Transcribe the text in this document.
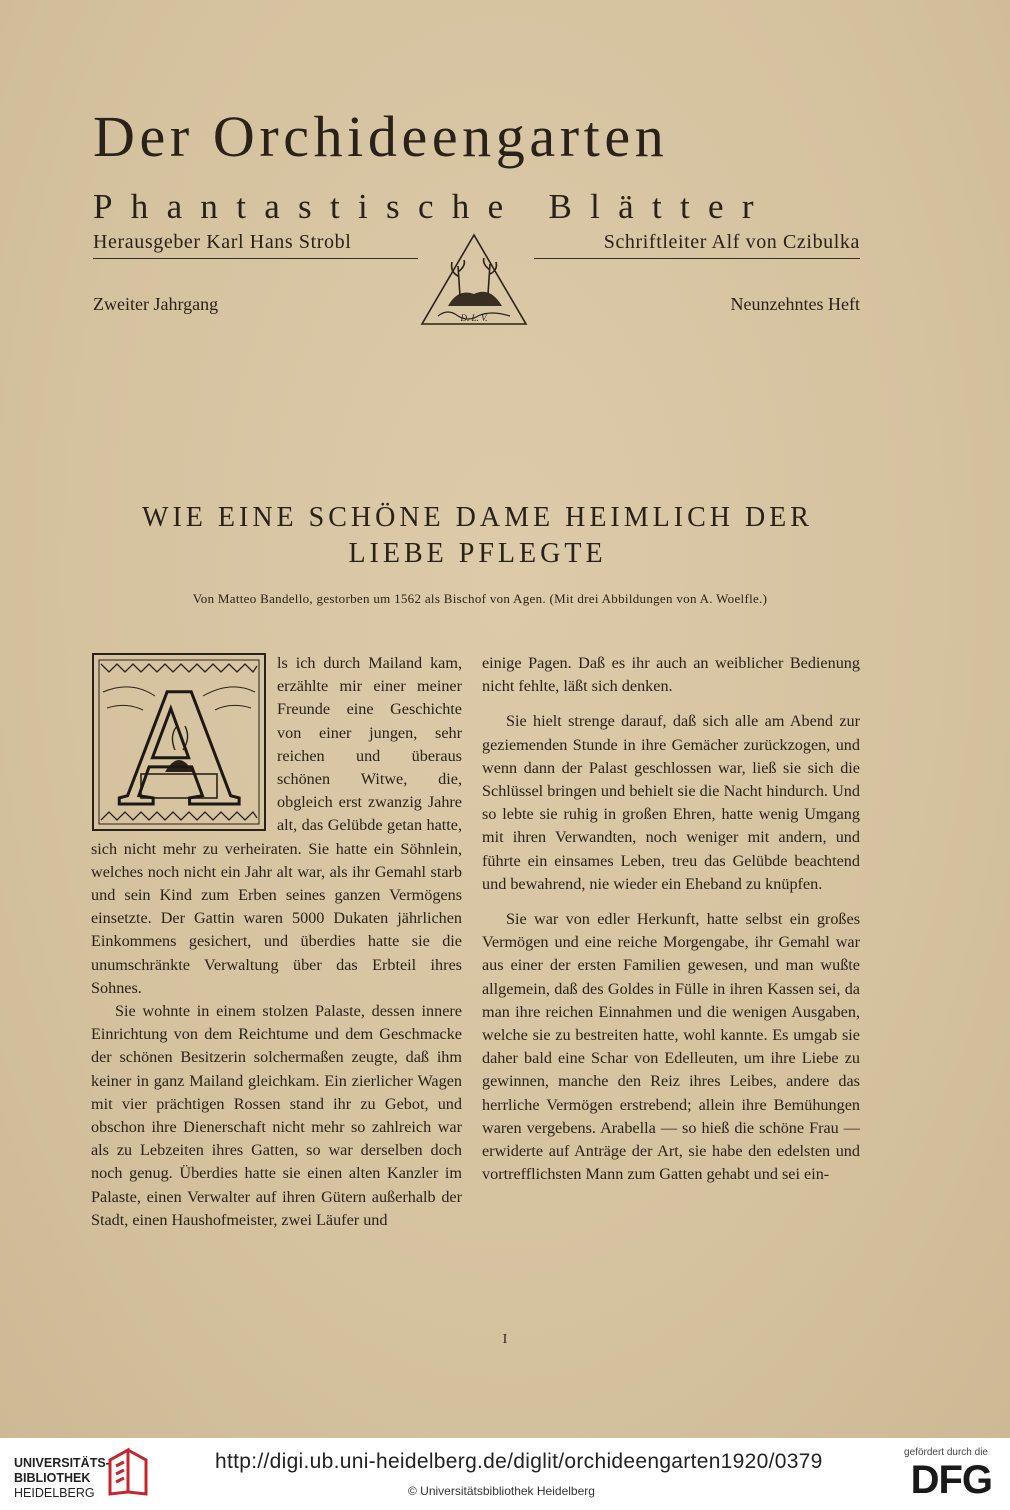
Der Orchideengarten
Phantastische Blätter
Herausgeber Karl Hans Strobl
D. L. V.
Schriftleiter Alf von Czibulka
Zweiter Jahrgang	Neunzehntes Heft
WIE EINE SCHÖNE DAME HEIMLICH DER
LIEBE PFLEGTE
Von Matteo Bandello, gestorben um 1562 als Bischof von Agen. (Mit drei Abbildungen von A. Woelfle.)
A	ls ich durch Mailand kam, erzählte mir einer meiner Freunde eine Geschichte von einer jungen, sehr reichen und überaus schönen Witwe, die, obgleich erst zwanzig Jahre alt, das Gelübde getan hatte, sich nicht mehr zu verheiraten. Sie hatte ein Söhnlein, welches noch nicht ein Jahr alt war, als ihr Gemahl starb und sein Kind zum Erben seines ganzen Vermögens einsetzte. Der Gattin waren 5000 Dukaten jährlichen Einkommens gesichert, und überdies hatte sie die unumschränkte Verwaltung über das Erbteil ihres Sohnes.

Sie wohnte in einem stolzen Palaste, dessen innere Einrichtung von dem Reichtume und dem Geschmacke der schönen Besitzerin solchermaßen zeugte, daß ihm keiner in ganz Mailand gleichkam. Ein zierlicher Wagen mit vier prächtigen Rossen stand ihr zu Gebot, und obschon ihre Dienerschaft nicht mehr so zahlreich war als zu Lebzeiten ihres Gatten, so war derselben doch noch genug. Überdies hatte sie einen alten Kanzler im Palaste, einen Verwalter auf ihren Gütern außerhalb der Stadt, einen Haushofmeister, zwei Läufer und

einige Pagen. Daß es ihr auch an weiblicher Bedienung nicht fehlte, läßt sich denken.

Sie hielt strenge darauf, daß sich alle am Abend zur geziemenden Stunde in ihre Gemächer zurückzogen, und wenn dann der Palast geschlossen war, ließ sie sich die Schlüssel bringen und behielt sie die Nacht hindurch. Und so lebte sie ruhig in großen Ehren, hatte wenig Umgang mit ihren Verwandten, noch weniger mit andern, und führte ein einsames Leben, treu das Gelübde beachtend und bewahrend, nie wieder ein Eheband zu knüpfen.

Sie war von edler Herkunft, hatte selbst ein großes Vermögen und eine reiche Morgengabe, ihr Gemahl war aus einer der ersten Familien gewesen, und man wußte allgemein, daß des Goldes in Fülle in ihren Kassen sei, da man ihre reichen Einnahmen und die wenigen Ausgaben, welche sie zu bestreiten hatte, wohl kannte. Es umgab sie daher bald eine Schar von Edelleuten, um ihre Liebe zu gewinnen, manche den Reiz ihres Leibes, andere das herrliche Vermögen erstrebend; allein ihre Bemühungen waren vergebens. Arabella — so hieß die schöne Frau — erwiderte auf Anträge der Art, sie habe den edelsten und vortrefflichsten Mann zum Gatten gehabt und sei ein-

I
UNIVERSITÄTS-
BIBLIOTHEK
HEIDELBERG
http://digi.ub.uni-heidelberg.de/diglit/orchideengarten1920/0379
© Universitätsbibliothek Heidelberg
gefördert durch die
DFG
